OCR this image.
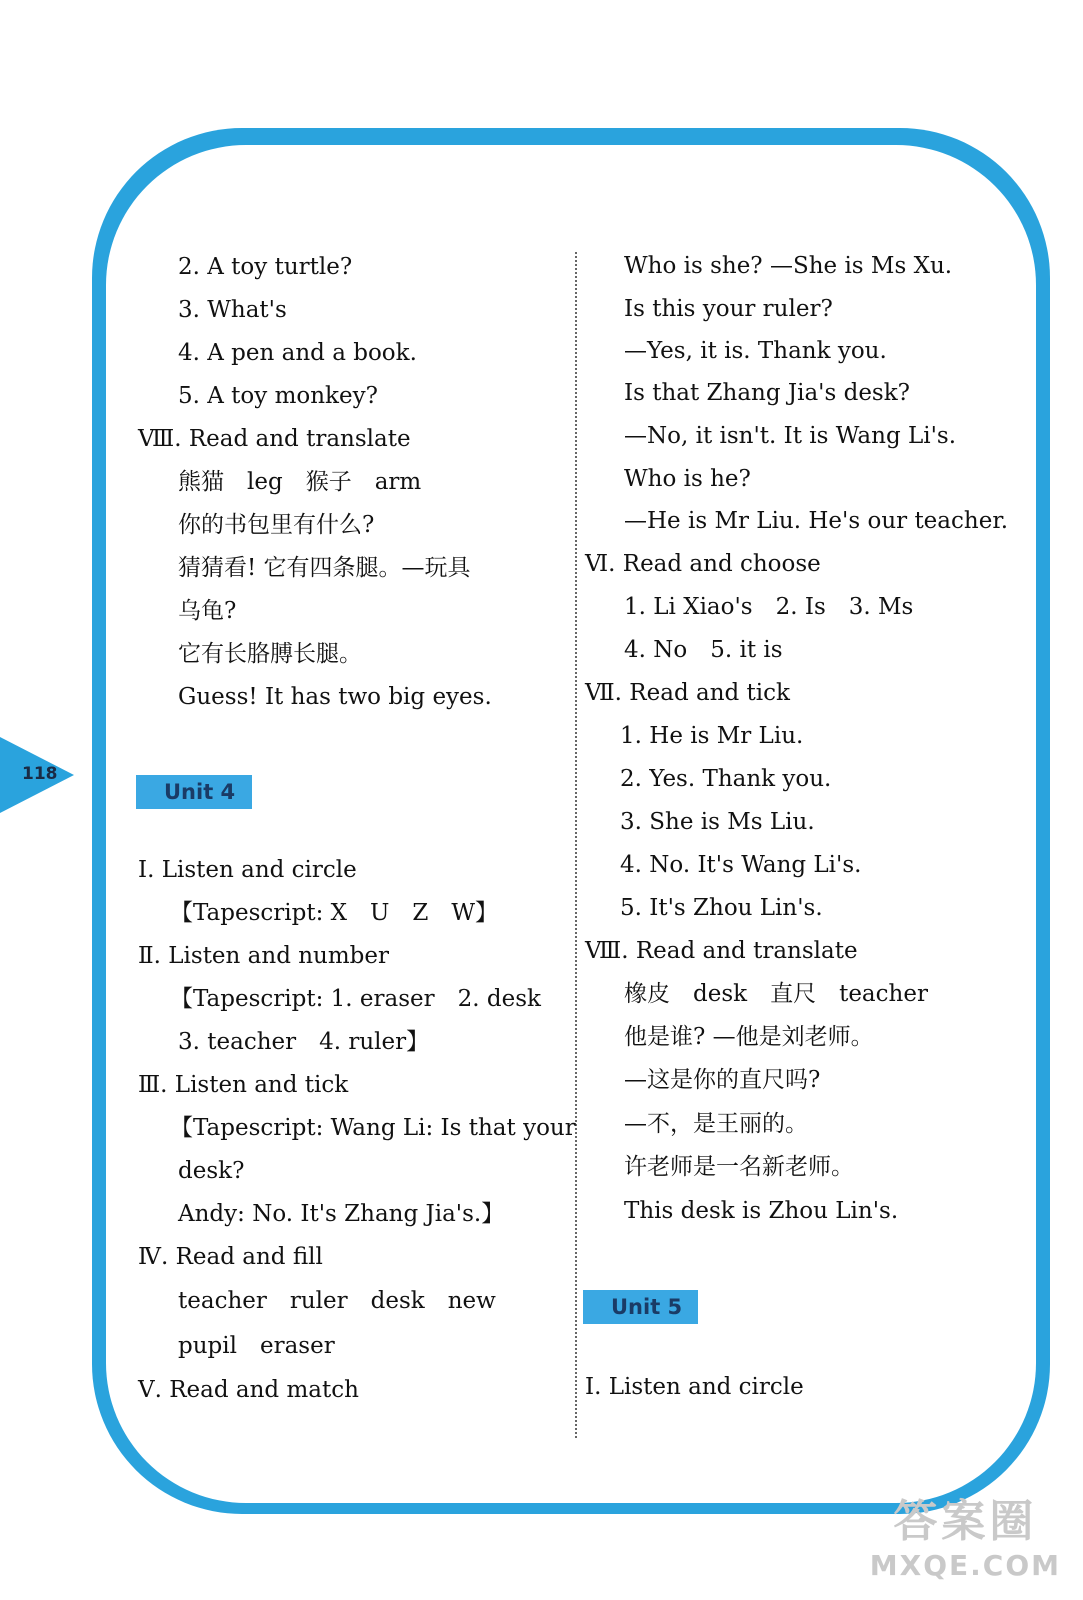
118
2. A toy turtle?
3. What's
4. A pen and a book.
5. A toy monkey?
Ⅷ. Read and translate
熊猫　leg　猴子　arm
你的书包里有什么?
猜猜看! 它有四条腿。—玩具
乌龟?
它有长胳膊长腿。
Guess! It has two big eyes.
Unit 4
Ⅰ. Listen and circle
【Tapescript: X　U　Z　W】
Ⅱ. Listen and number
【Tapescript: 1. eraser　2. desk
3. teacher　4. ruler】
Ⅲ. Listen and tick
【Tapescript: Wang Li: Is that your
desk?
Andy: No. It's Zhang Jia's.】
Ⅳ. Read and fill
teacher　ruler　desk　new
pupil　eraser
Ⅴ. Read and match
Who is she? —She is Ms Xu.
Is this your ruler?
—Yes, it is. Thank you.
Is that Zhang Jia's desk?
—No, it isn't. It is Wang Li's.
Who is he?
—He is Mr Liu. He's our teacher.
Ⅵ. Read and choose
1. Li Xiao's　2. Is　3. Ms
4. No　5. it is
Ⅶ. Read and tick
1. He is Mr Liu.
2. Yes. Thank you.
3. She is Ms Liu.
4. No. It's Wang Li's.
5. It's Zhou Lin's.
Ⅷ. Read and translate
橡皮　desk　直尺　teacher
他是谁? —他是刘老师。
—这是你的直尺吗?
—不，是王丽的。
许老师是一名新老师。
This desk is Zhou Lin's.
Unit 5
Ⅰ. Listen and circle
答案圈
MXQE.COM
